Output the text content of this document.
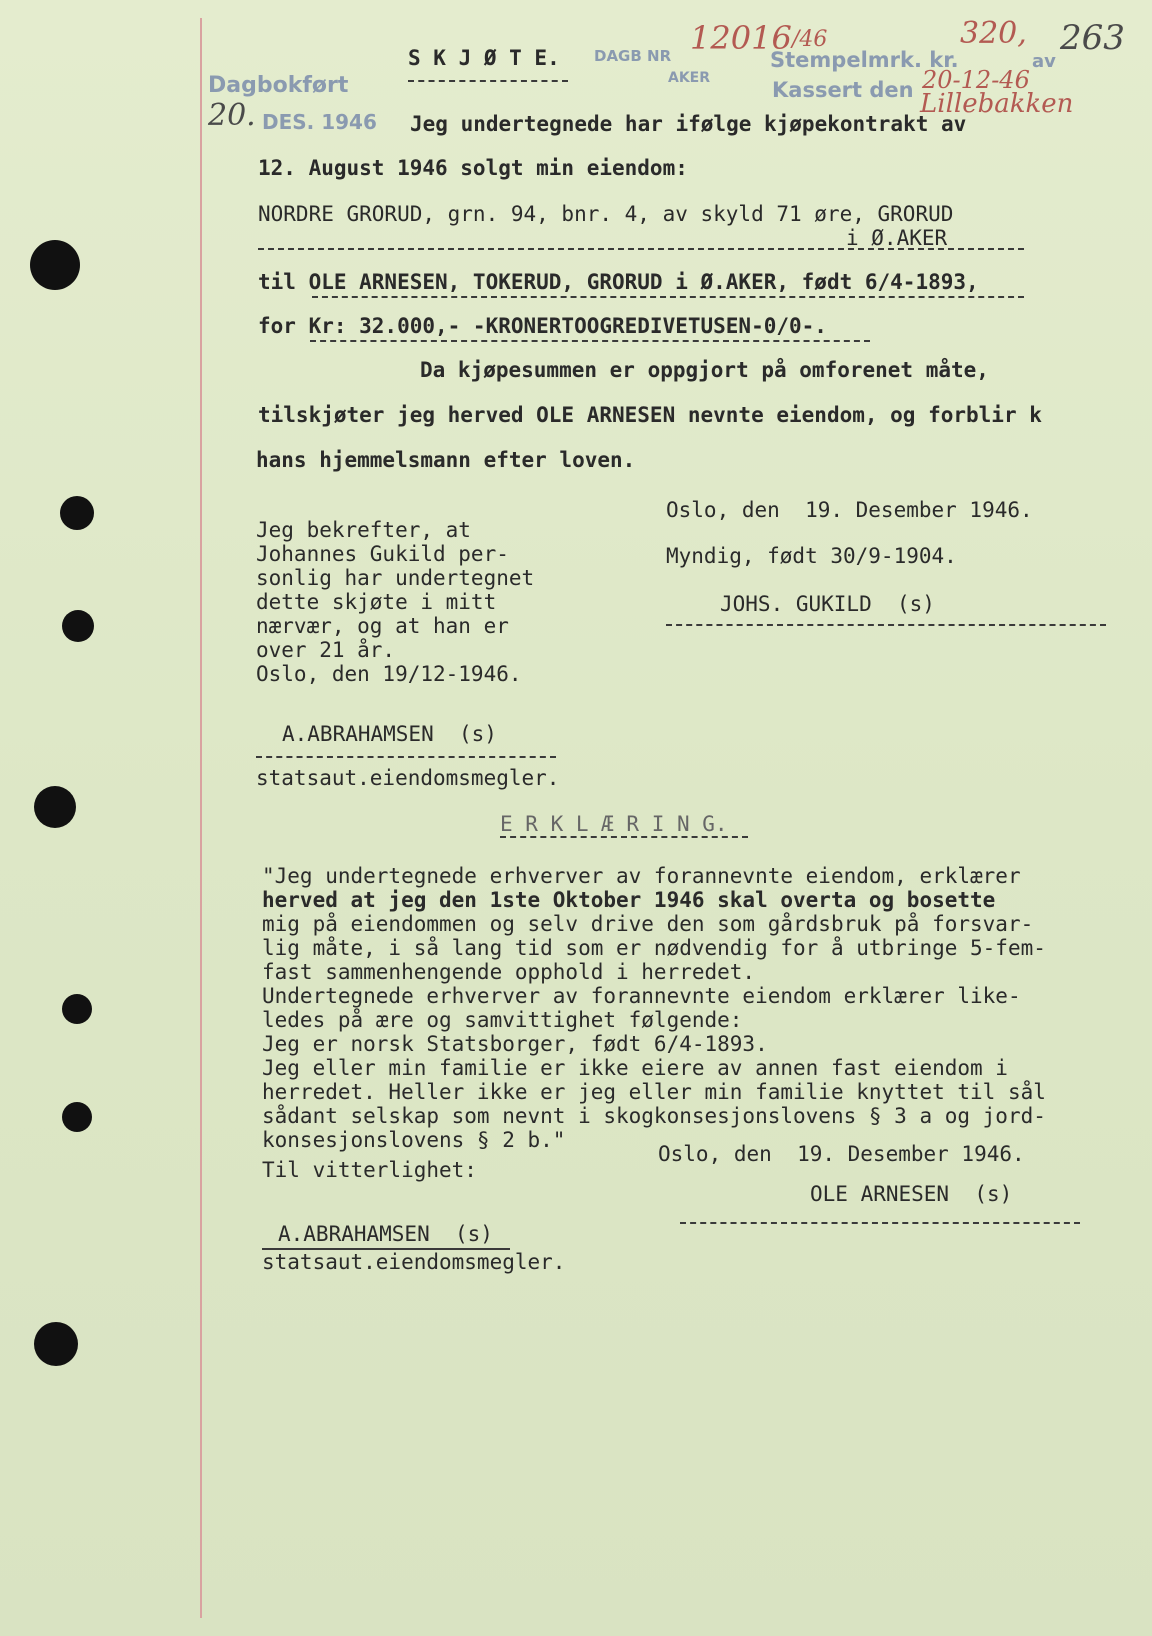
Dagbokført
20. DES. 1946
S K J Ø T E. DAGB NR
AKER
12016 /46
Stempelmrk. kr.
320,
Kassert den 20-12-46
av
263
Lillebakken
Jeg undertegnede har ifølge kjøpekontrakt av
12. August 1946 solgt min eiendom:
NORDRE GRORUD, grn. 94, bnr. 4, av skyld 71 øre, GRORUD
i Ø.AKER
til OLE ARNESEN, TOKERUD, GRORUD i Ø.AKER, født 6/4-1893,
for Kr: 32.000,- -KRONERTOOGREDIVETUSEN-0/0-.
Da kjøpesummen er oppgjort på omforenet måte,
tilskjøter jeg herved OLE ARNESEN nevnte eiendom, og forblir k
hans hjemmelsmann efter loven.
Oslo, den  19. Desember 1946.
Myndig, født 30/9-1904.
JOHS. GUKILD  (s)
Jeg bekrefter, at
Johannes Gukild per-
sonlig har undertegnet
dette skjøte i mitt
nærvær, og at han er
over 21 år.
Oslo, den 19/12-1946.
A.ABRAHAMSEN  (s)
statsaut.eiendomsmegler.
E R K L Æ R I N G.
"Jeg undertegnede erhverver av forannevnte eiendom, erklærer
herved at jeg den 1ste Oktober 1946 skal overta og bosette
mig på eiendommen og selv drive den som gårdsbruk på forsvar-
lig måte, i så lang tid som er nødvendig for å utbringe 5-fem-
fast sammenhengende opphold i herredet.
Undertegnede erhverver av forannevnte eiendom erklærer like-
ledes på ære og samvittighet følgende:
Jeg er norsk Statsborger, født 6/4-1893.
Jeg eller min familie er ikke eiere av annen fast eiendom i
herredet. Heller ikke er jeg eller min familie knyttet til sål
sådant selskap som nevnt i skogkonsesjonslovens § 3 a og jord-
konsesjonslovens § 2 b."
Oslo, den  19. Desember 1946.
Til vitterlighet:
OLE ARNESEN  (s)
A.ABRAHAMSEN  (s)
statsaut.eiendomsmegler.
